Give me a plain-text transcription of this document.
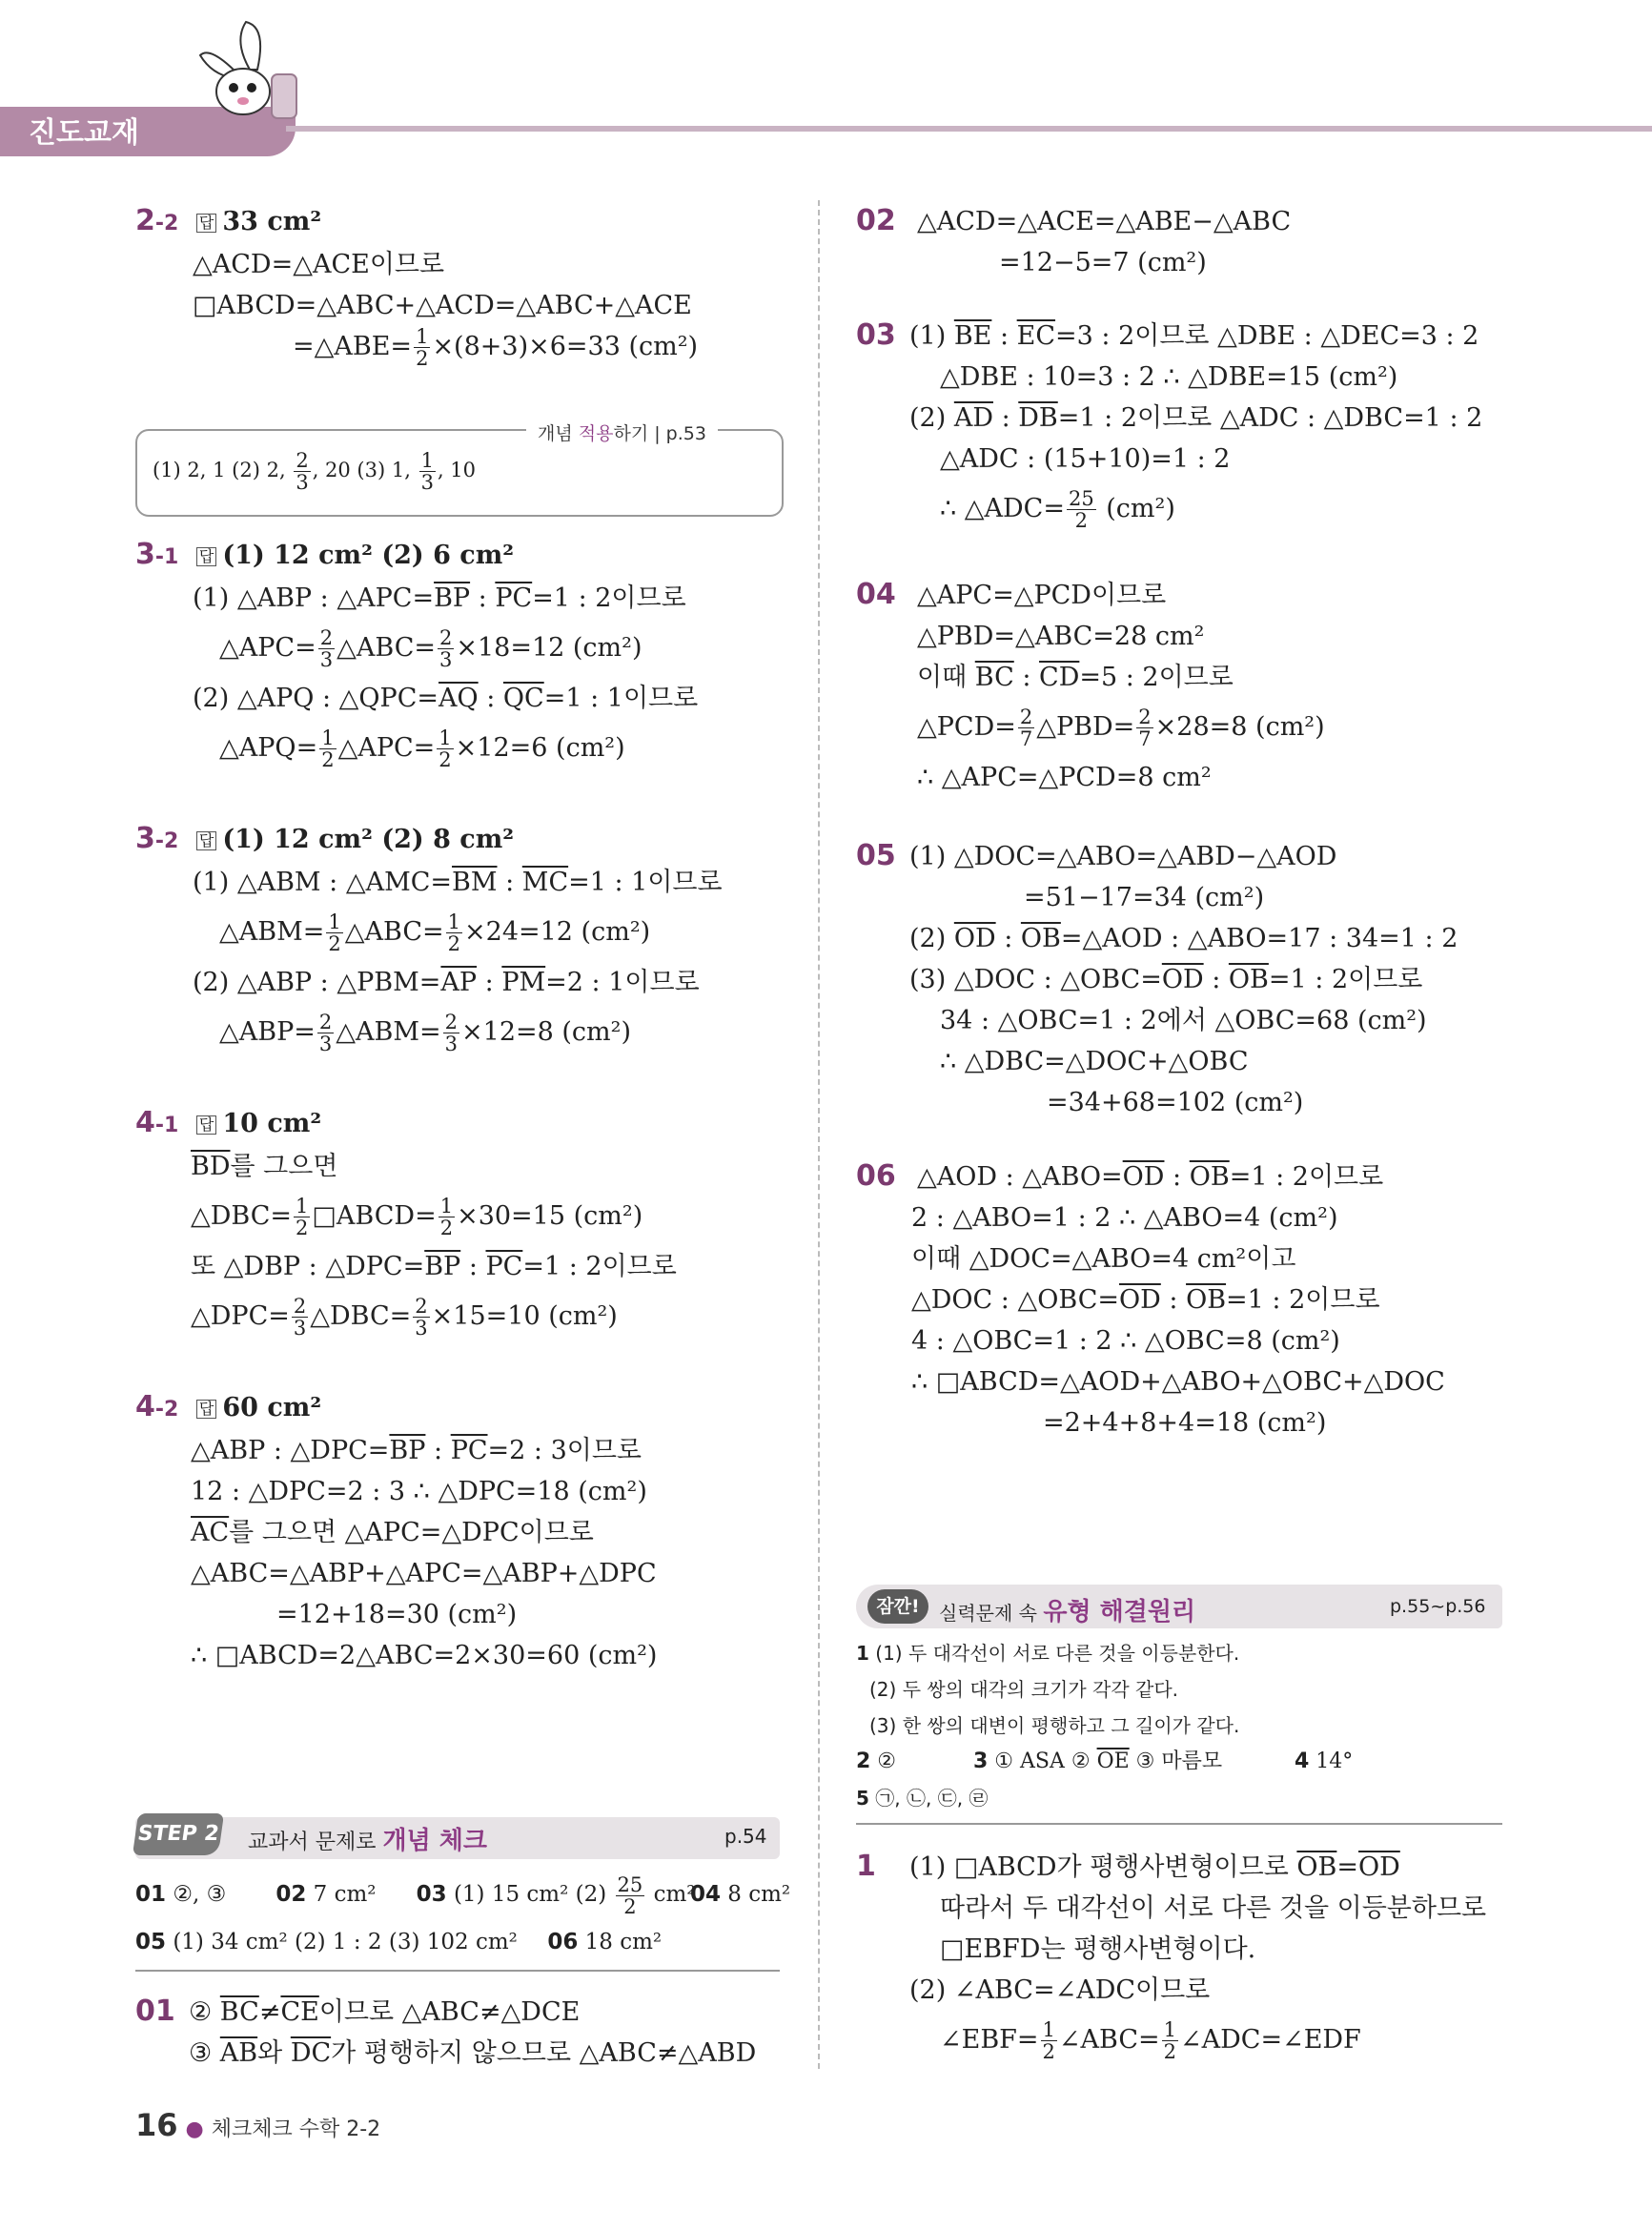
진도교재
2-2 답 33 cm²
△ACD=△ACE이므로
□ABCD=△ABC+△ACD=△ABC+△ACE
=△ABE= $\frac{1}{2} \times(8+3)\times 6=33$ (cm²)
개념 적용하기 | p.53
(1) 2, 1 (2) 2, $\frac{2}{3}$ , 20 (3) 1, $\frac{1}{3}$ , 10
3-1 답 (1) 12 cm² (2) 6 cm²
(1) △ABP : $\triangle APC=\overline{BP}$ : $\overline{PC}=1$ : 2이므로
△APC= $\frac{2}{3}$ △ABC= $\frac{2}{3} \times 18=12$ (cm²)
(2) △APQ : $\triangle QPC=\overline{AQ}$ : $\overline{QC}=1$ : 1이므로
△APQ= $\frac{1}{2}$ △APC= $\frac{1}{2} \times 12=6$ (cm²)
3-2 답 (1) 12 cm² (2) 8 cm²
(1) △ABM : $\triangle AMC=\overline{BM}$ : $\overline{MC}=1$ : 1이므로
△ABM= $\frac{1}{2}$ △ABC= $\frac{1}{2} \times 24=12$ (cm²)
(2) △ABP : $\triangle PBM=\overline{AP}$ : $\overline{PM}=2$ : 1이므로
△ABP= $\frac{2}{3}$ △ABM= $\frac{2}{3} \times 12=8$ (cm²)
4-1 답 10 cm²
$\overline{BD}$를 그으면
△DBC= $\frac{1}{2}$ □ABCD= $\frac{1}{2} \times 30=15$ (cm²)
또 △DBP : $\triangle DPC=\overline{BP}$ : $\overline{PC}=1$ : 2이므로
△DPC= $\frac{2}{3}$ △DBC= $\frac{2}{3} \times 15=10$ (cm²)
4-2 답 60 cm²
△ABP : $\triangle DPC=\overline{BP}$ : $\overline{PC}=2$ : 3이므로
12 : △DPC=2 : 3 ∴ △DPC=18 (cm²)
$\overline{AC}$를 그으면 △APC=△DPC이므로
△ABC=△ABP+△APC=△ABP+△DPC
=12+18=30 (cm²)
∴ □ABCD=2△ABC=2×30=60 (cm²)
STEP 2 교과서 문제로 개념 체크	p.54
01 ②, ③ 02 7 cm² 03 (1) 15 cm² $(2) \frac{25}{2} cm^2$ 04 8 cm²
05 (1) 34 cm² (2) 1 : 2 (3) 102 cm² 06 18 cm²
01 ② $\overline{BC}\ne\overline{CE}$이므로 △ABC≠△DCE
③ $\overline{AB}$와 $\overline{DC}$가 평행하지 않으므로 △ABC≠△ABD
02 △ACD=△ACE=△ABE−△ABC
=12−5=7 (cm²)
03 (1) $\overline{BE}$ : $\overline{EC}=3$ : 2이므로 △DBE : △DEC=3 : 2
△DBE : 10=3 : 2 ∴ △DBE=15 (cm²)
(2) $\overline{AD}$ : $\overline{DB}=1$ : 2이므로 △ADC : △DBC=1 : 2
△ADC : (15+10)=1 : 2
∴ △ADC= $\frac{25}{2} (cm^2)$
04 △APC=△PCD이므로
△PBD=△ABC=28 cm²
이때 $\overline{BC}$ : $\overline{CD}=5$ : 2이므로
△PCD= $\frac{2}{7}$ △PBD= $\frac{2}{7} \times 28=8$ (cm²)
∴ △APC=△PCD=8 cm²
05 (1) △DOC=△ABO=△ABD−△AOD
=51−17=34 (cm²)
(2) $\overline{OD}$ : $\overline{OB}=\triangle AOD$ : △ABO=17 : 34=1 : 2
(3) △DOC : $\triangle OBC=\overline{OD}$ : $\overline{OB}=1$ : 2이므로
34 : △OBC=1 : 2에서 △OBC=68 (cm²)
∴ △DBC=△DOC+△OBC
=34+68=102 (cm²)
06 △AOD : $\triangle ABO=\overline{OD}$ : $\overline{OB}=1$ : 2이므로
2 : △ABO=1 : 2 ∴ △ABO=4 (cm²)
이때 △DOC=△ABO=4 cm²이고
△DOC : $\triangle OBC=\overline{OD}$ : $\overline{OB}=1$ : 2이므로
4 : △OBC=1 : 2 ∴ △OBC=8 (cm²)
∴ □ABCD=△AOD+△ABO+△OBC+△DOC
=2+4+8+4=18 (cm²)
잠깐!	실력문제 속 유형 해결원리	p.55~p.56
1 (1) 두 대각선이 서로 다른 것을 이등분한다.
(2) 두 쌍의 대각의 크기가 각각 같다.
(3) 한 쌍의 대변이 평행하고 그 길이가 같다.
2 ②	3 ① ASA ② $\overline{OE}$ ③ 마름모	4 14°
5 ㉠, ㉡, ㉢, ㉣
1 (1) □ABCD가 평행사변형이므로 $\overline{OB}=\overline{OD}$
따라서 두 대각선이 서로 다른 것을 이등분하므로
□EBFD는 평행사변형이다.
(2) ∠ABC=∠ADC이므로
∠EBF= $\frac{1}{2}$ ∠ABC= $\frac{1}{2}$ ∠ADC=∠EDF
16 ● 체크체크 수학 2-2
